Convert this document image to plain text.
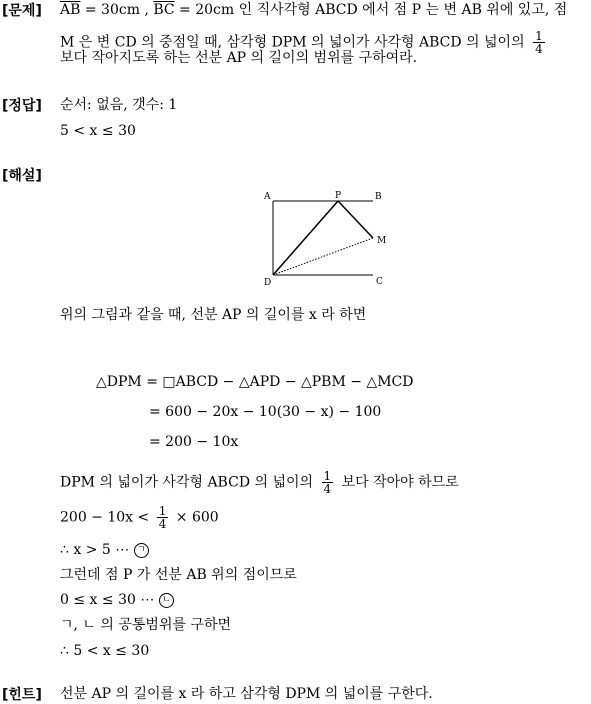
[문제] $\overline{AB} = 30cm$ , $\overline{BC} = 20cm$ 인 직사각형 ABCD 에서 점 P 는 변 AB 위에 있고, 점
M 은 변 CD 의 중점일 때, 삼각형 DPM 의 넓이가 사각형 ABCD 의 넓이의 $\frac{1}{4}$
보다 작아지도록 하는 선분 AP 의 길이의 범위를 구하여라.
[정답] 순서: 없음, 갯수: 1
5 < x ≤ 30
[해설]
A	P	B
M
D	C
위의 그림과 같을 때, 선분 AP 의 길이를 x 라 하면
△DPM = □ABCD − △APD − △PBM − △MCD
= 600 − 20x − 10(30 − x) − 100
= 200 − 10x
DPM 의 넓이가 사각형 ABCD 의 넓이의 $\frac{1}{4}$ 보다 작아야 하므로
$200 - 10x < \frac{1}{4} \times 600$
∴ x > 5 ⋯ ㄱ
그런데 점 P 가 선분 AB 위의 점이므로
0 ≤ x ≤ 30 ⋯ ㄴ
ㄱ, ㄴ 의 공통범위를 구하면
∴ 5 < x ≤ 30
[힌트] 선분 AP 의 길이를 x 라 하고 삼각형 DPM 의 넓이를 구한다.
